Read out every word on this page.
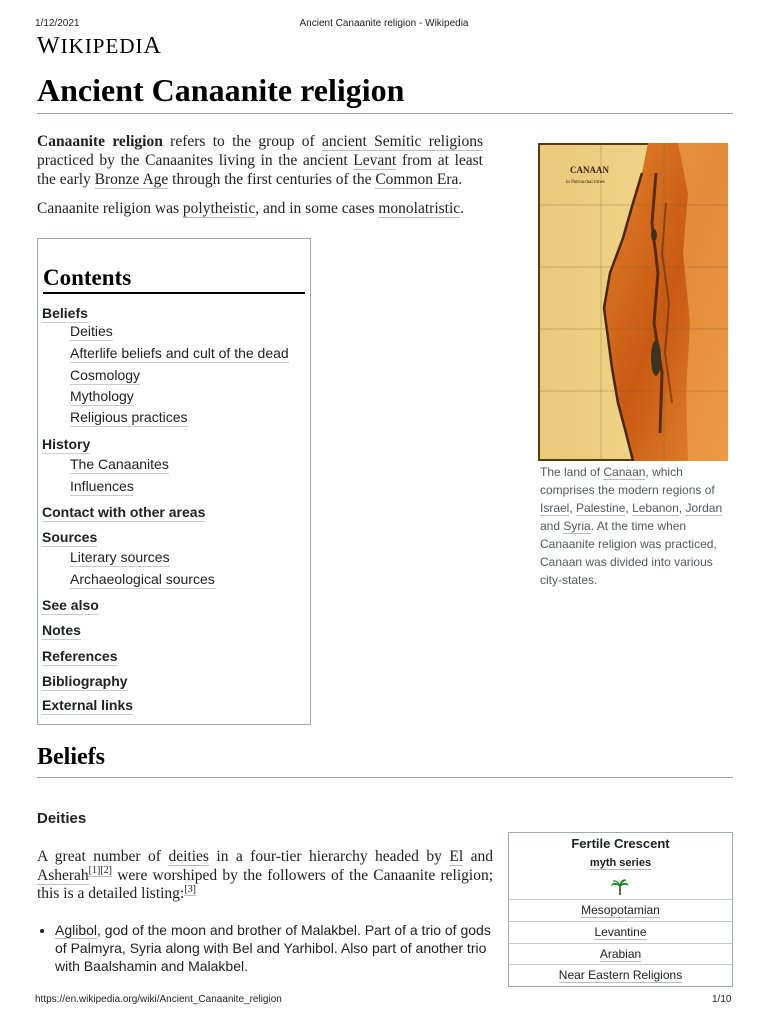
1/12/2021	Ancient Canaanite religion - Wikipedia
WIKIPEDIA
Ancient Canaanite religion

Canaanite religion refers to the group of ancient Semitic religions practiced by the Canaanites living in the ancient Levant from at least the early Bronze Age through the first centuries of the Common Era.

Canaanite religion was polytheistic, and in some cases monolatristic.

CANAAN
in Patriarchal times
The land of Canaan, which comprises the modern regions of Israel, Palestine, Lebanon, Jordan and Syria. At the time when Canaanite religion was practiced, Canaan was divided into various city-states.
Contents
Beliefs
Deities
Afterlife beliefs and cult of the dead
Cosmology
Mythology
Religious practices
History
The Canaanites
Influences
Contact with other areas
Sources
Literary sources
Archaeological sources
See also
Notes
References
Bibliography
External links
Beliefs
Deities
A great number of deities in a four-tier hierarchy headed by El and Asherah[1][2] were worshiped by the followers of the Canaanite religion; this is a detailed listing:[3]
• Aglibol, god of the moon and brother of Malakbel. Part of a trio of gods of Palmyra, Syria along with Bel and Yarhibol. Also part of another trio with Baalshamin and Malakbel.
Fertile Crescent
myth series
Mesopotamian
Levantine
Arabian
Near Eastern Religions
https://en.wikipedia.org/wiki/Ancient_Canaanite_religion	1/10
